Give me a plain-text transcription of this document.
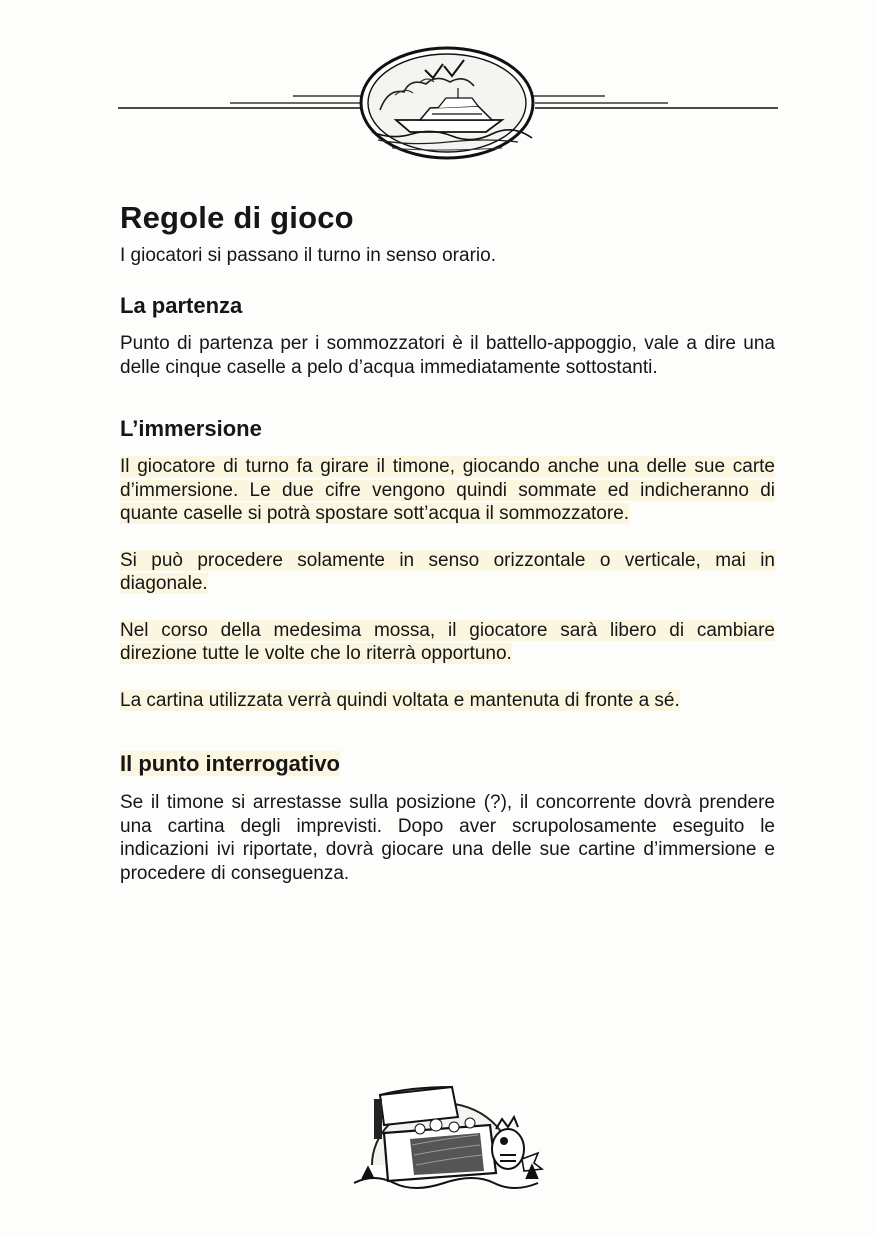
Regole di gioco

I giocatori si passano il turno in senso orario.

La partenza

Punto di partenza per i sommozzatori è il battello-appoggio, vale a dire una delle cinque caselle a pelo d’acqua immediatamente sottostanti.

L’immersione

Il giocatore di turno fa girare il timone, giocando anche una delle sue carte d’immersione. Le due cifre vengono quindi sommate ed indicheranno di quante caselle si potrà spostare sott’acqua il sommozzatore.

Si può procedere solamente in senso orizzontale o verticale, mai in diagonale.

Nel corso della medesima mossa, il giocatore sarà libero di cambiare direzione tutte le volte che lo riterrà opportuno.

La cartina utilizzata verrà quindi voltata e mantenuta di fronte a sé.

Il punto interrogativo

Se il timone si arrestasse sulla posizione (?), il concorrente dovrà prendere una cartina degli imprevisti. Dopo aver scrupolosamente eseguito le indicazioni ivi riportate, dovrà giocare una delle sue cartine d’immersione e procedere di conseguenza.
